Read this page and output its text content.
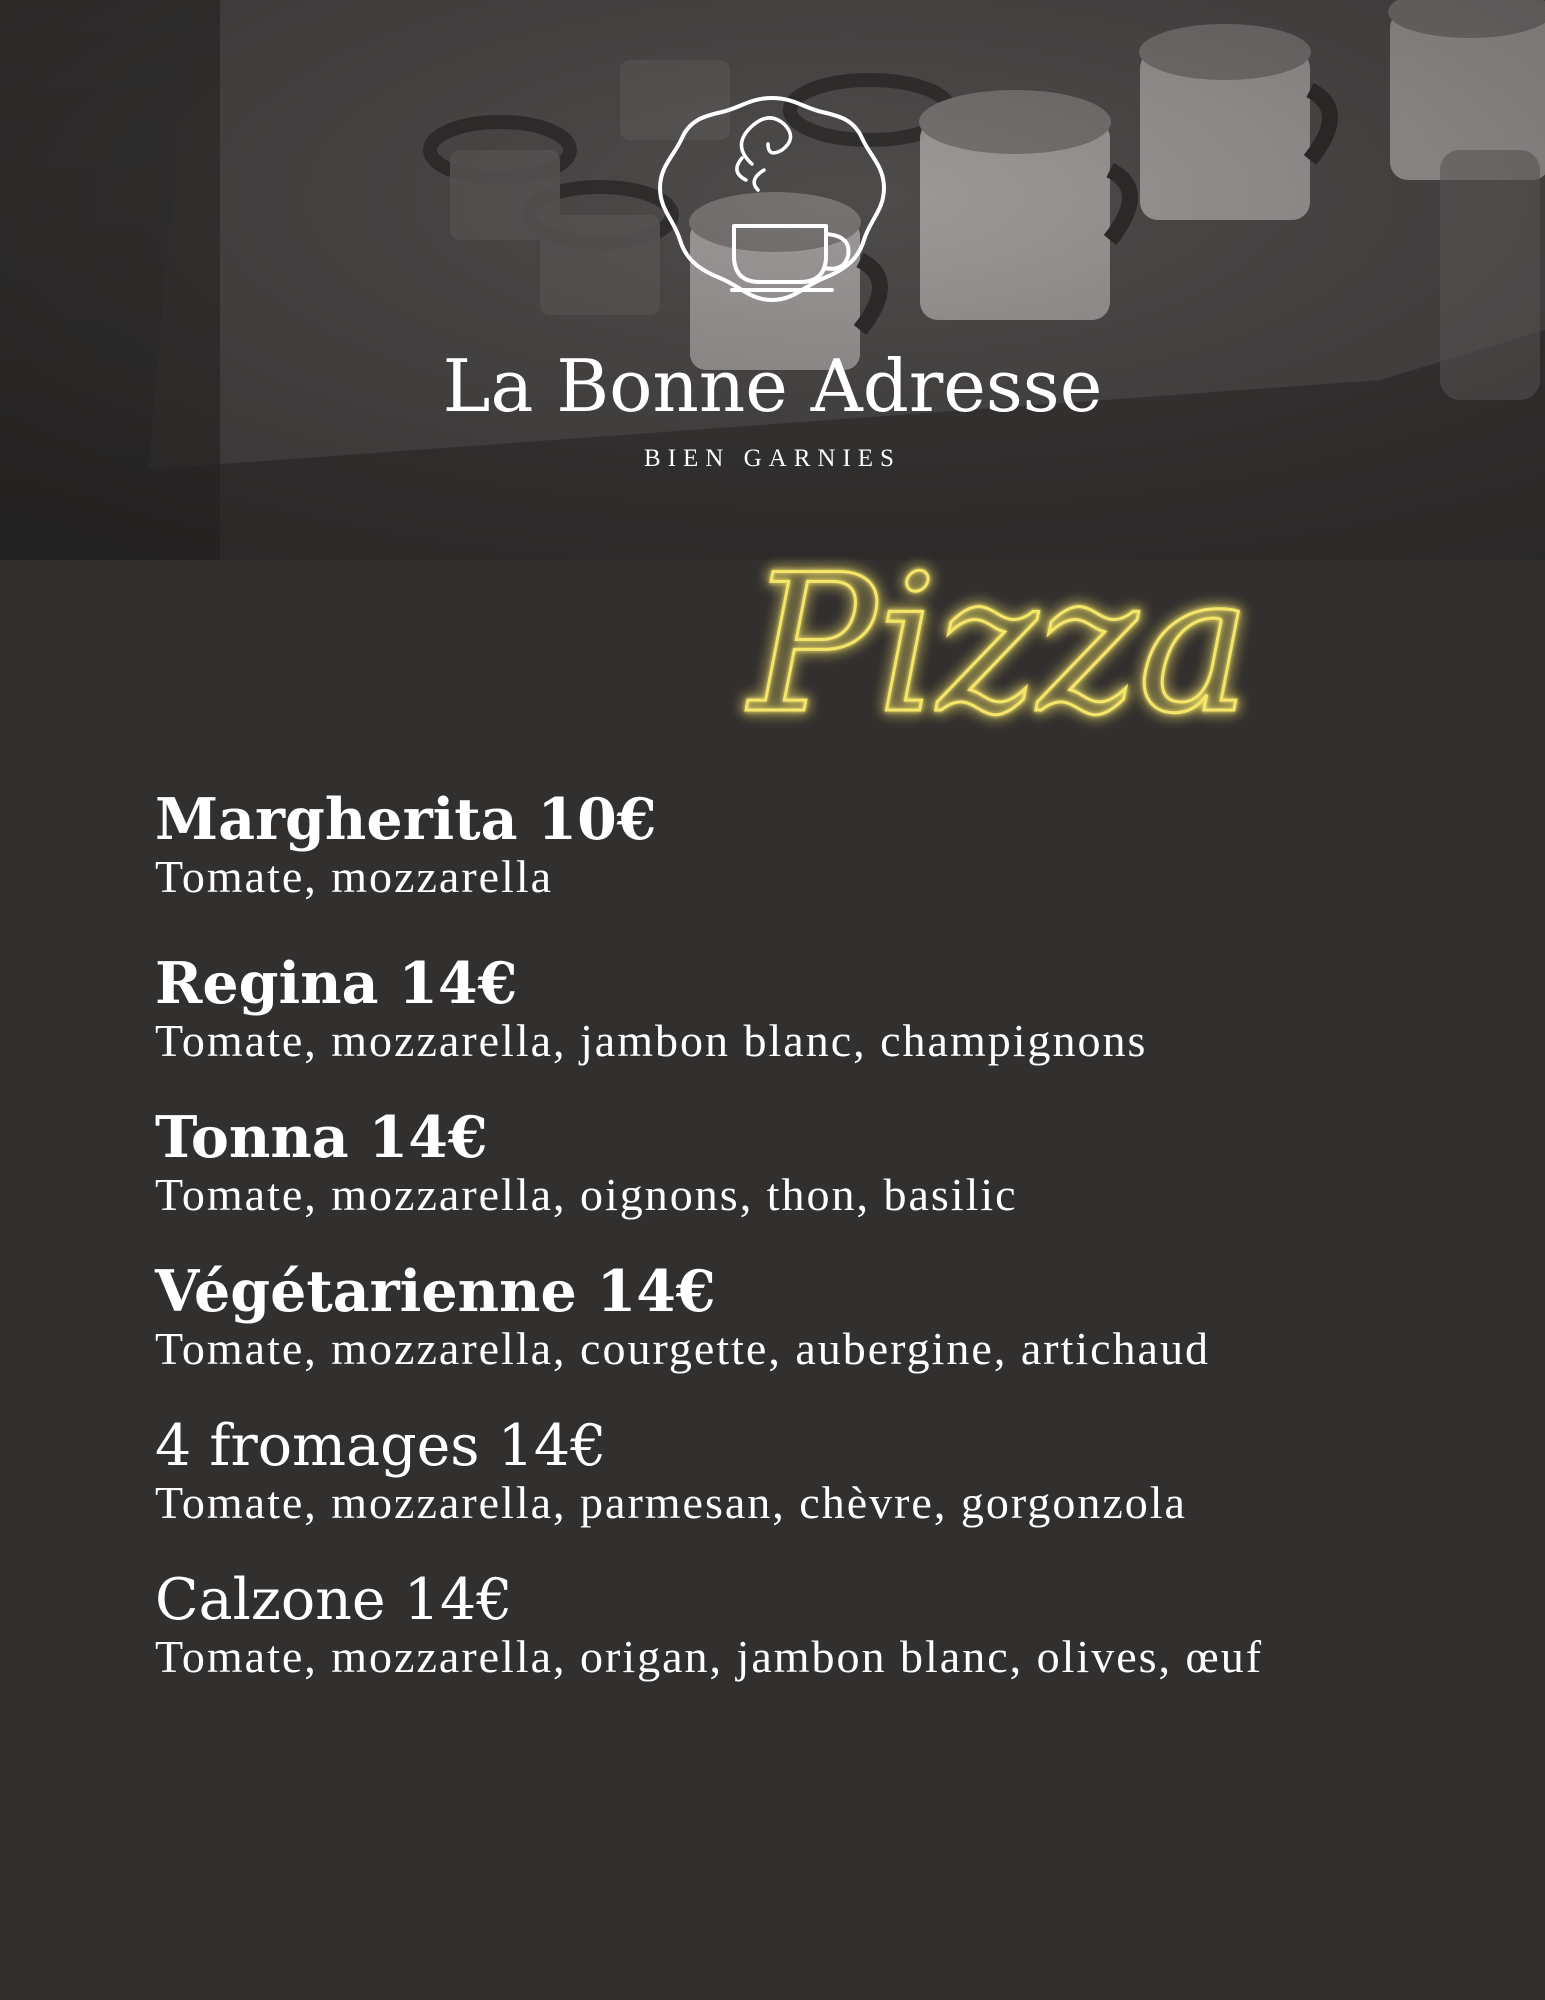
La Bonne Adresse
BIEN GARNIES
Pizza
Margherita 10€
Tomate, mozzarella
Regina 14€
Tomate, mozzarella, jambon blanc, champignons
Tonna 14€
Tomate, mozzarella, oignons, thon, basilic
Végétarienne 14€
Tomate, mozzarella, courgette, aubergine, artichaud
4 fromages 14€
Tomate, mozzarella, parmesan, chèvre, gorgonzola
Calzone 14€
Tomate, mozzarella, origan, jambon blanc, olives, œuf
